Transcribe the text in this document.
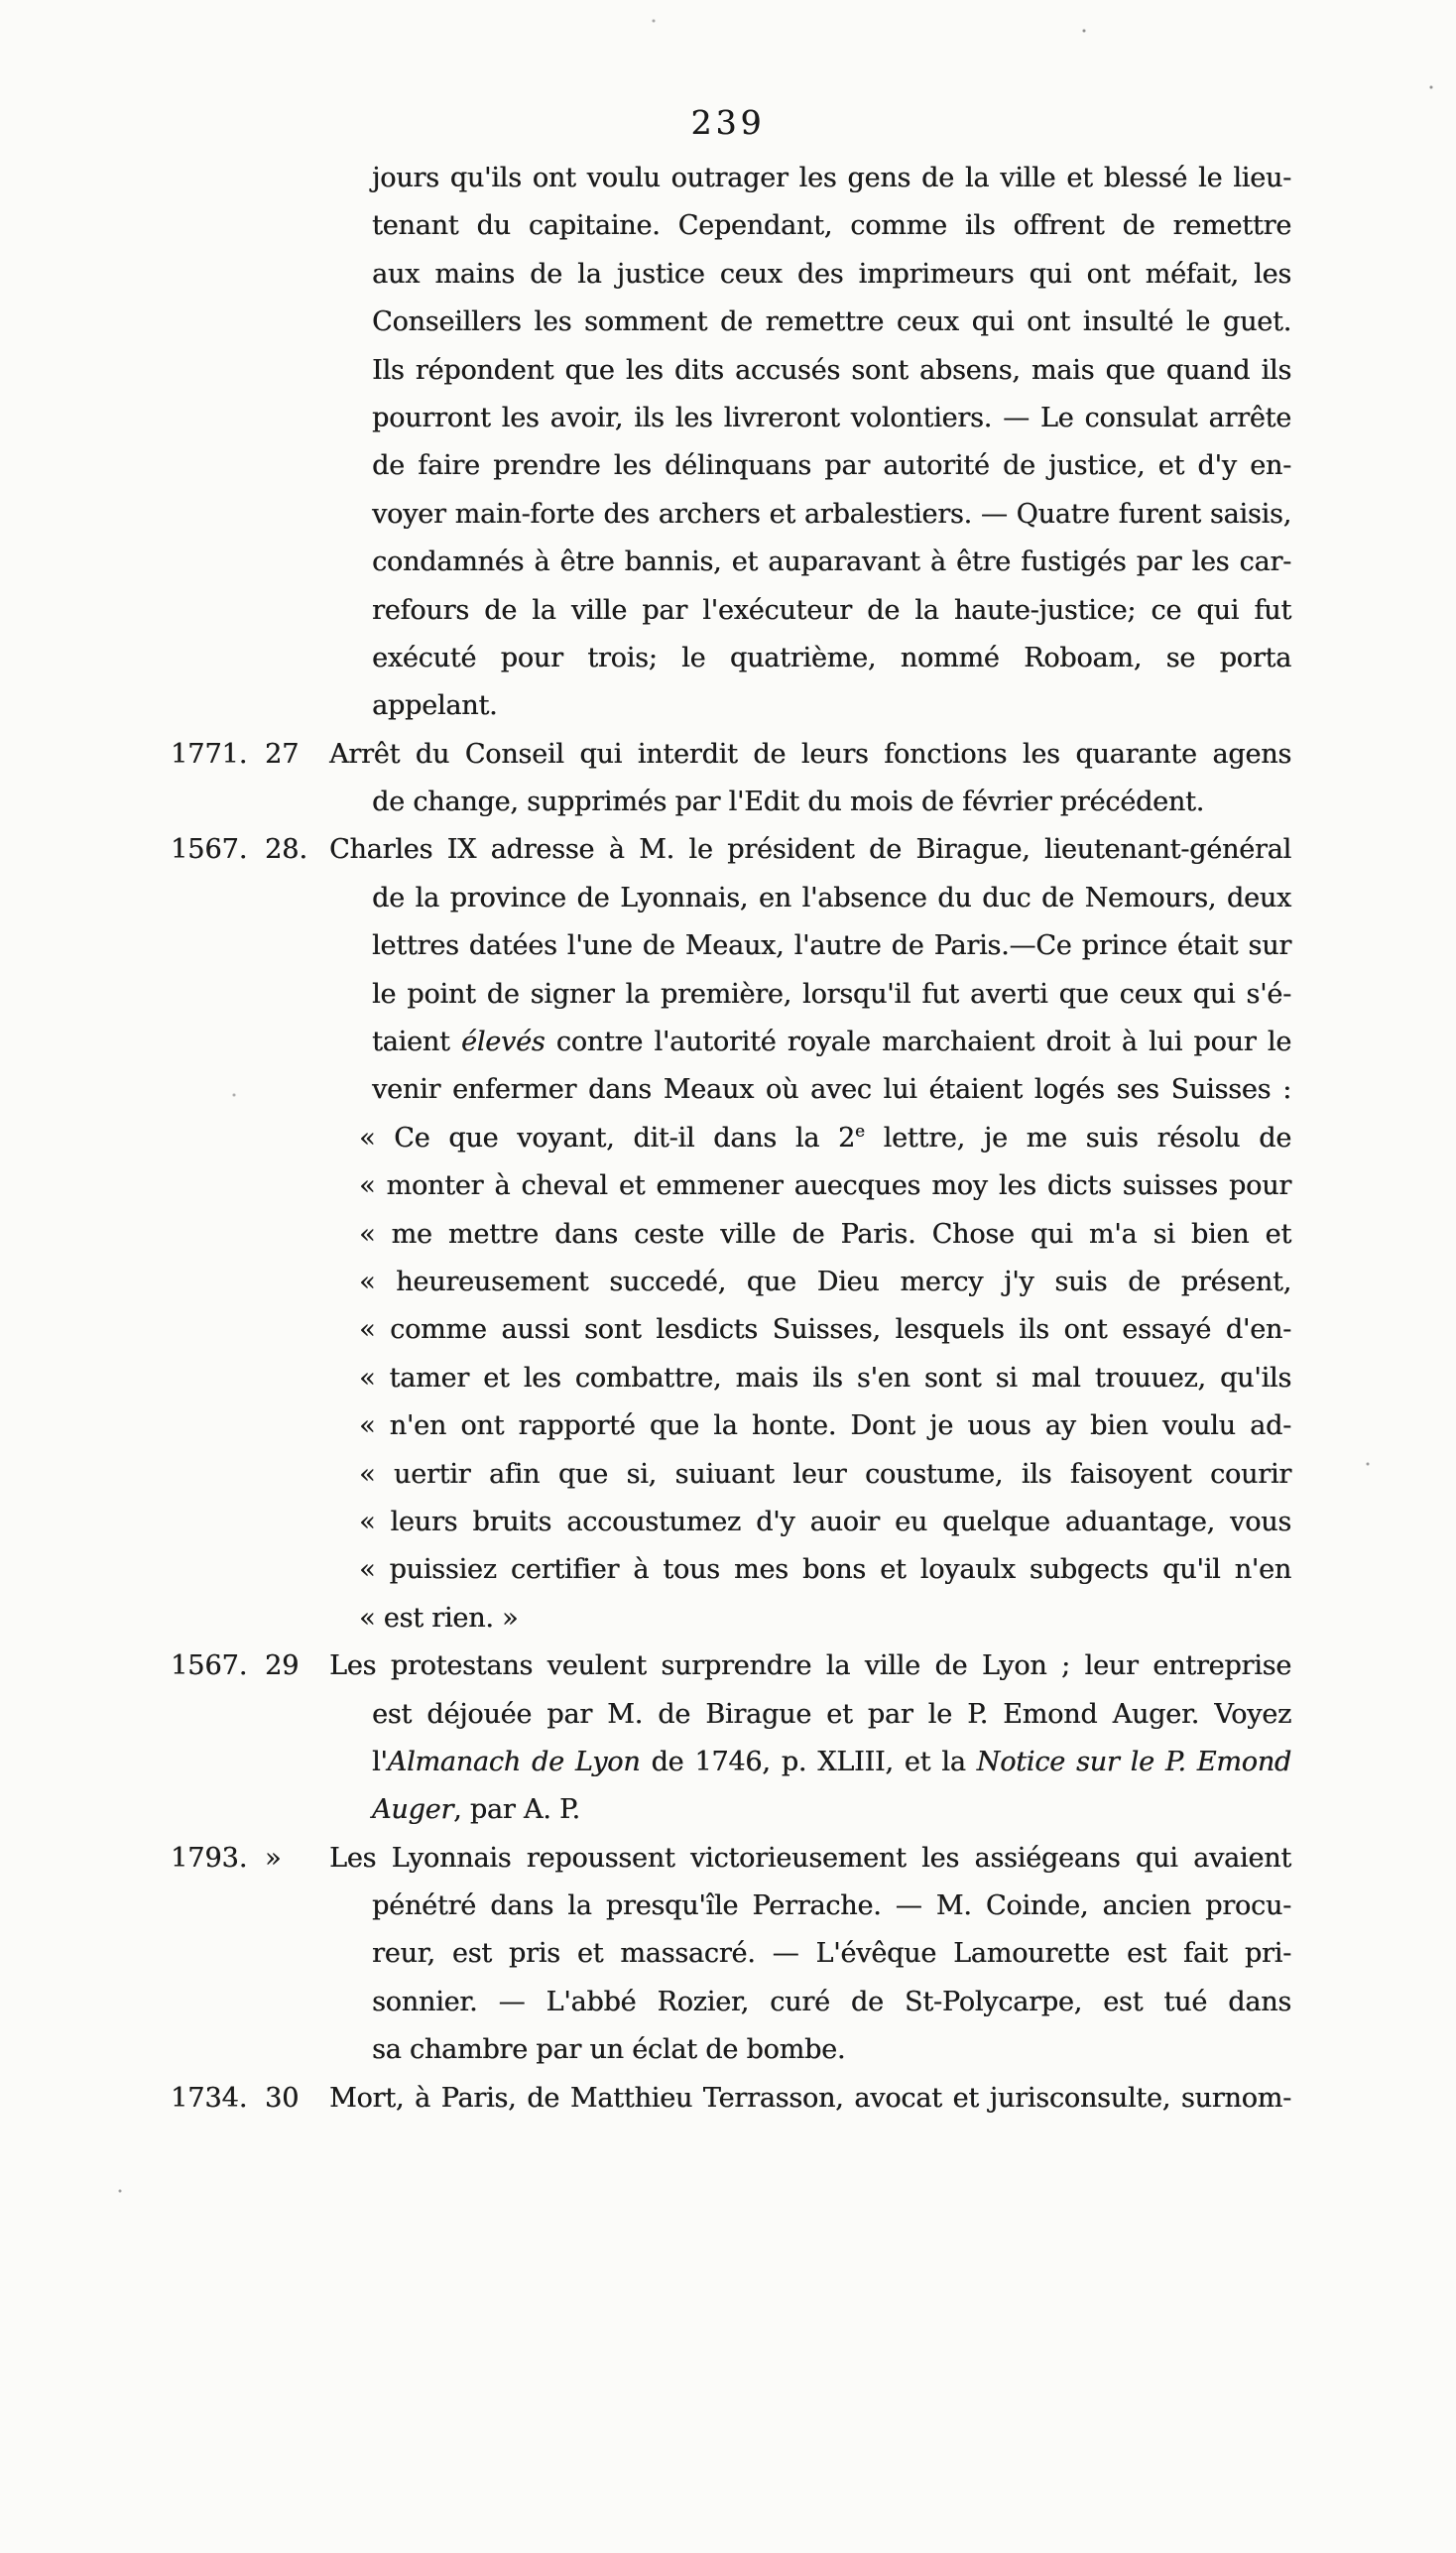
239
jours qu'ils ont voulu outrager les gens de la ville et blessé le lieu-
tenant du capitaine. Cependant, comme ils offrent de remettre
aux mains de la justice ceux des imprimeurs qui ont méfait, les
Conseillers les somment de remettre ceux qui ont insulté le guet.
Ils répondent que les dits accusés sont absens, mais que quand ils
pourront les avoir, ils les livreront volontiers. — Le consulat arrête
de faire prendre les délinquans par autorité de justice, et d'y en-
voyer main-forte des archers et arbalestiers. — Quatre furent saisis,
condamnés à être bannis, et auparavant à être fustigés par les car-
refours de la ville par l'exécuteur de la haute-justice; ce qui fut
exécuté pour trois; le quatrième, nommé Roboam, se porta
appelant.
1771. 27 Arrêt du Conseil qui interdit de leurs fonctions les quarante agens
de change, supprimés par l'Edit du mois de février précédent.
1567. 28. Charles IX adresse à M. le président de Birague, lieutenant-général
de la province de Lyonnais, en l'absence du duc de Nemours, deux
lettres datées l'une de Meaux, l'autre de Paris.—Ce prince était sur
le point de signer la première, lorsqu'il fut averti que ceux qui s'é-
taient élevés contre l'autorité royale marchaient droit à lui pour le
venir enfermer dans Meaux où avec lui étaient logés ses Suisses :
« Ce que voyant, dit-il dans la 2e lettre, je me suis résolu de
« monter à cheval et emmener auecques moy les dicts suisses pour
« me mettre dans ceste ville de Paris. Chose qui m'a si bien et
« heureusement succedé, que Dieu mercy j'y suis de présent,
« comme aussi sont lesdicts Suisses, lesquels ils ont essayé d'en-
« tamer et les combattre, mais ils s'en sont si mal trouuez, qu'ils
« n'en ont rapporté que la honte. Dont je uous ay bien voulu ad-
« uertir afin que si, suiuant leur coustume, ils faisoyent courir
« leurs bruits accoustumez d'y auoir eu quelque aduantage, vous
« puissiez certifier à tous mes bons et loyaulx subgects qu'il n'en
« est rien. »
1567. 29 Les protestans veulent surprendre la ville de Lyon ; leur entreprise
est déjouée par M. de Birague et par le P. Emond Auger. Voyez
l'Almanach de Lyon de 1746, p. XLIII, et la Notice sur le P. Emond
Auger, par A. P.
1793. » Les Lyonnais repoussent victorieusement les assiégeans qui avaient
pénétré dans la presqu'île Perrache. — M. Coinde, ancien procu-
reur, est pris et massacré. — L'évêque Lamourette est fait pri-
sonnier. — L'abbé Rozier, curé de St-Polycarpe, est tué dans
sa chambre par un éclat de bombe.
1734. 30 Mort, à Paris, de Matthieu Terrasson, avocat et jurisconsulte, surnom-
